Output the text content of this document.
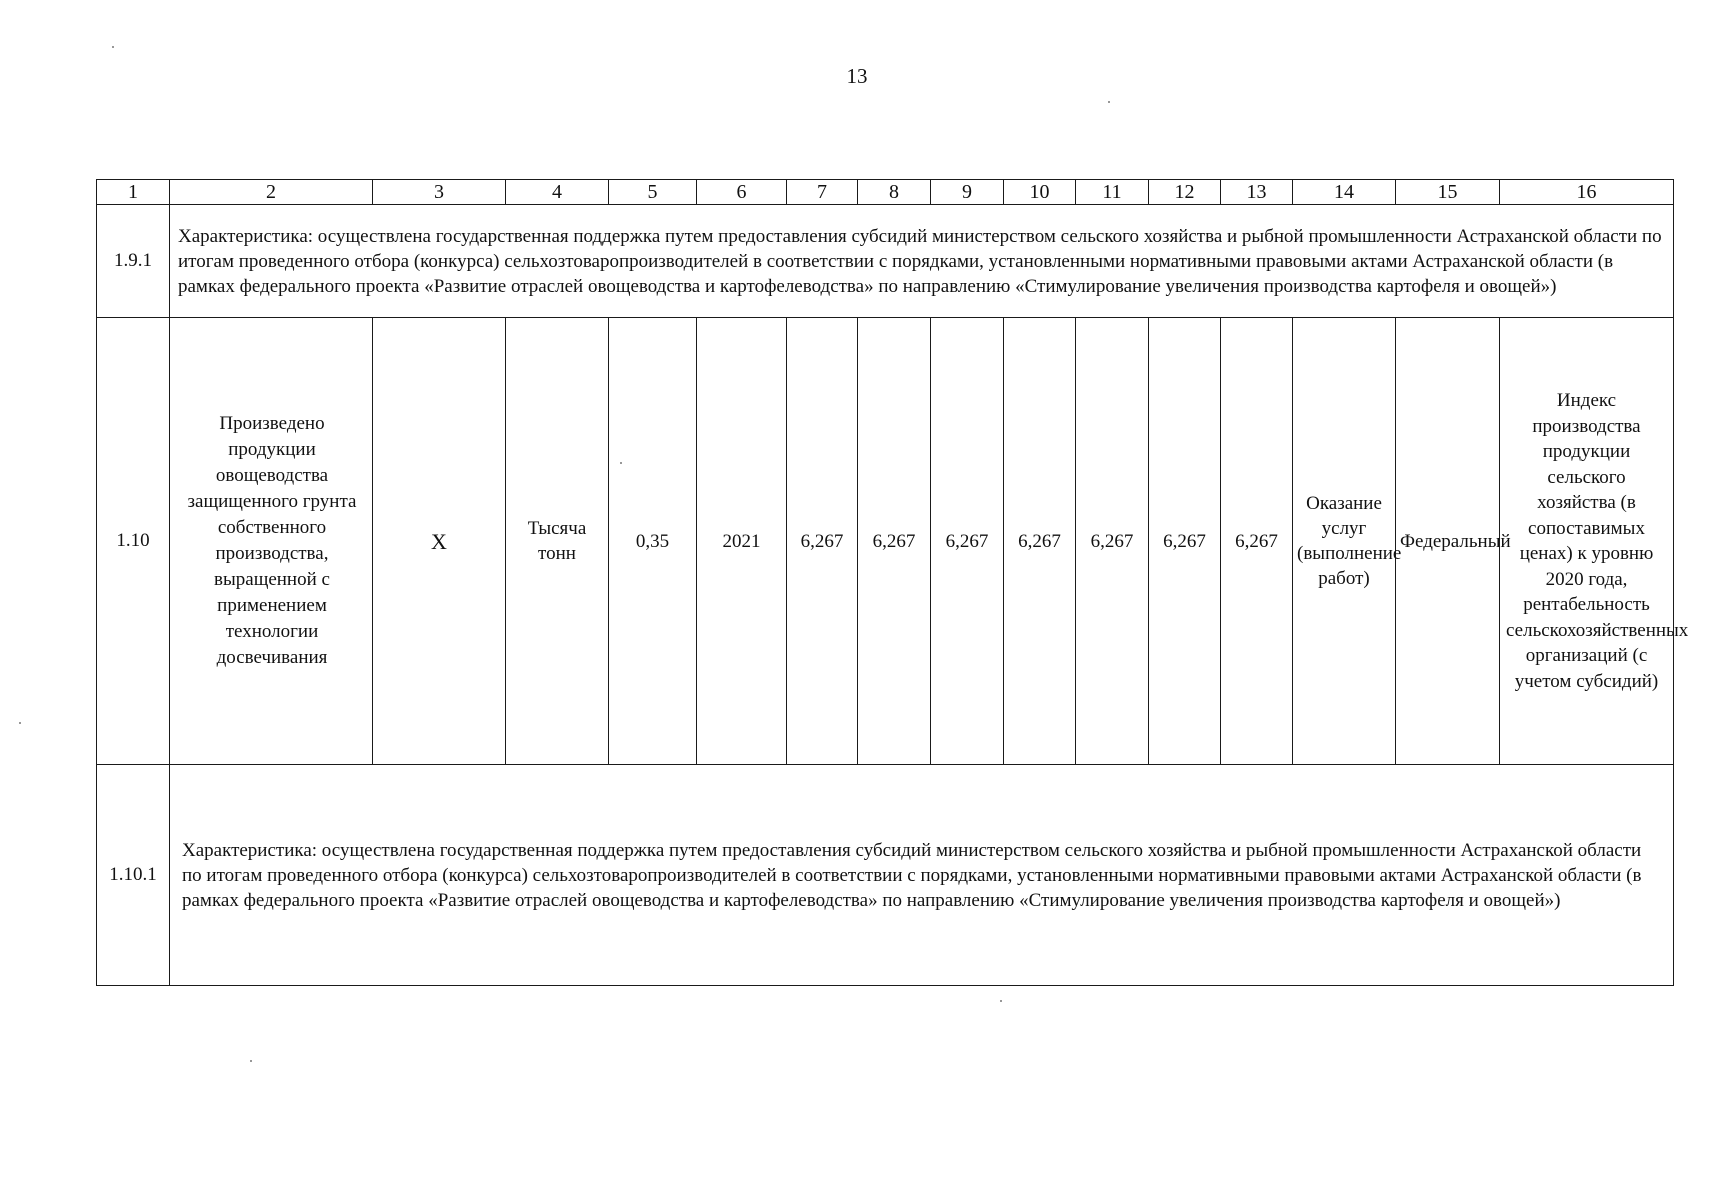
13
1	2	3	4	5	6	7	8	9	10	11	12	13	14	15	16
1.9.1	Характеристика: осуществлена государственная поддержка путем предоставления субсидий министерством сельского хозяйства и рыбной промышленности Астраханской области по итогам проведенного отбора (конкурса) сельхозтоваропроизводителей в соответствии с порядками, установленными нормативными правовыми актами Астраханской области (в рамках федерального проекта «Развитие отраслей овощеводства и картофелеводства» по направлению «Стимулирование увеличения производства картофеля и овощей»)														
1.10	Произведено продукции овощеводства защищенного грунта собственного производства, выращенной с применением технологии досвечивания	Х	Тысяча тонн	0,35	2021	6,267	6,267	6,267	6,267	6,267	6,267	6,267	Оказание услуг (выполнение работ)	Федеральный	Индекс производства продукции сельского хозяйства (в сопоставимых ценах) к уровню 2020 года, рентабельность сельскохозяйственных организаций (с учетом субсидий)
1.10.1	Характеристика: осуществлена государственная поддержка путем предоставления субсидий министерством сельского хозяйства и рыбной промышленности Астраханской области по итогам проведенного отбора (конкурса) сельхозтоваропроизводителей в соответствии с порядками, установленными нормативными правовыми актами Астраханской области (в рамках федерального проекта «Развитие отраслей овощеводства и картофелеводства» по направлению «Стимулирование увеличения производства картофеля и овощей»)														
